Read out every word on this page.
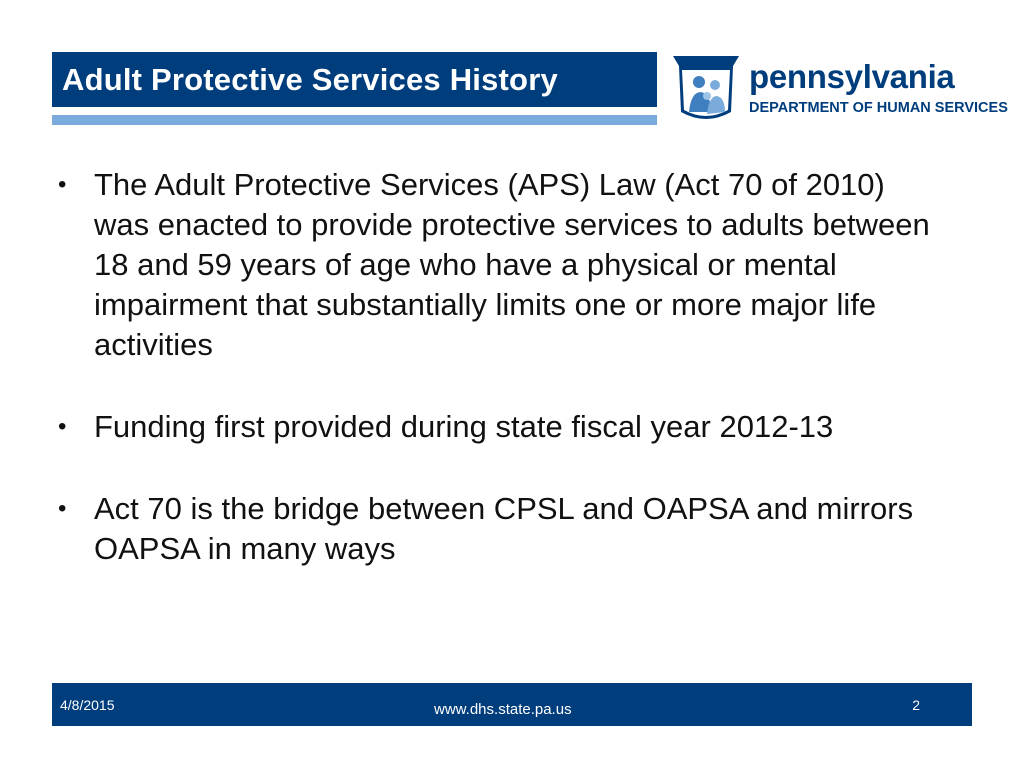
Adult Protective Services History	pennsylvania
DEPARTMENT OF HUMAN SERVICES
• The Adult Protective Services (APS) Law (Act 70 of 2010) was enacted to provide protective services to adults between 18 and 59 years of age who have a physical or mental impairment that substantially limits one or more major life activities
• Funding first provided during state fiscal year 2012-13
• Act 70 is the bridge between CPSL and OAPSA and mirrors OAPSA in many ways
4/8/2015	www.dhs.state.pa.us	2
